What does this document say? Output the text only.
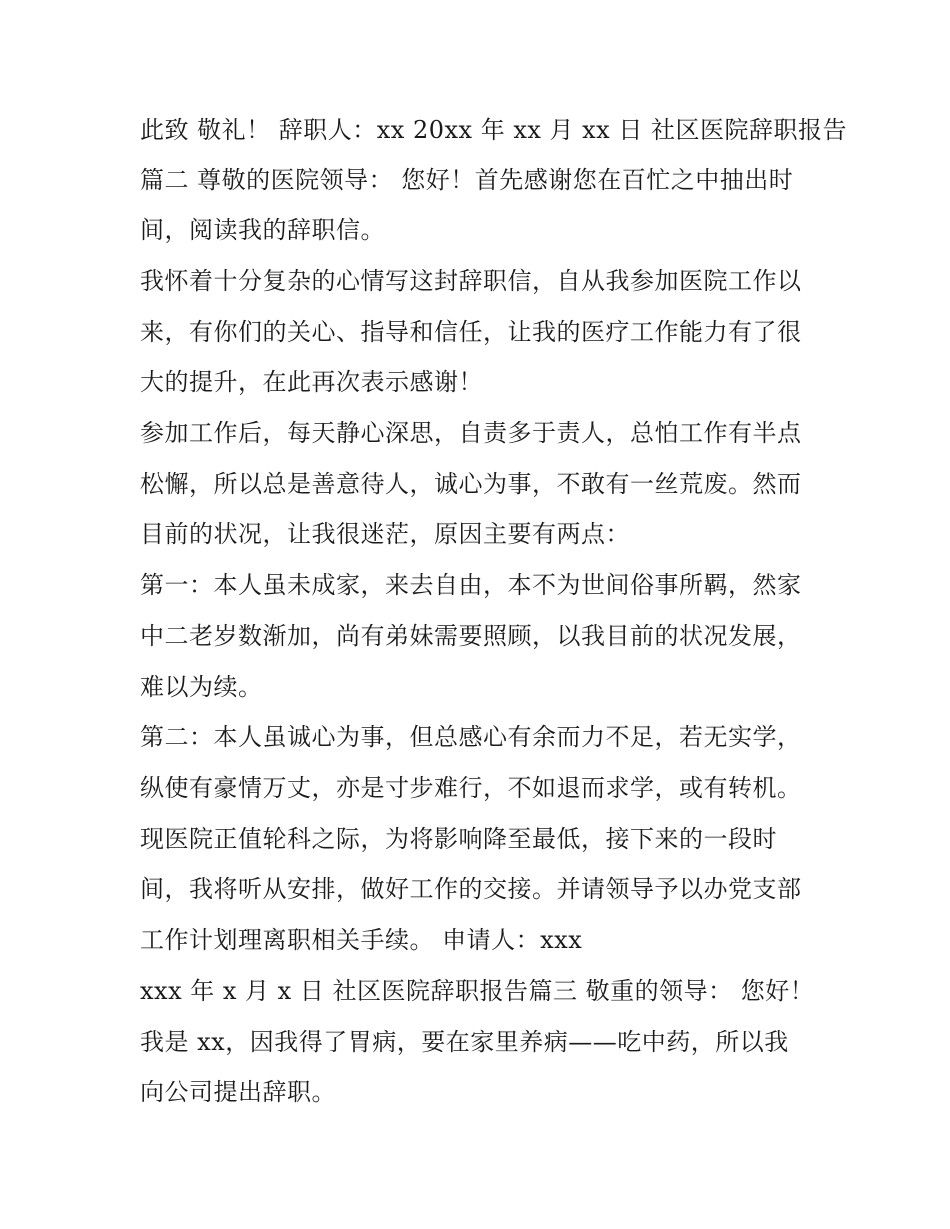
此致 敬礼！ 辞职人：xx 20xx 年 xx 月 xx 日 社区医院辞职报告
篇二 尊敬的医院领导： 您好！首先感谢您在百忙之中抽出时
间，阅读我的辞职信。
我怀着十分复杂的心情写这封辞职信，自从我参加医院工作以
来，有你们的关心、指导和信任，让我的医疗工作能力有了很
大的提升，在此再次表示感谢！
参加工作后，每天静心深思，自责多于责人，总怕工作有半点
松懈，所以总是善意待人，诚心为事，不敢有一丝荒废。然而
目前的状况，让我很迷茫，原因主要有两点：
第一：本人虽未成家，来去自由，本不为世间俗事所羁，然家
中二老岁数渐加，尚有弟妹需要照顾，以我目前的状况发展，
难以为续。
第二：本人虽诚心为事，但总感心有余而力不足，若无实学，
纵使有豪情万丈，亦是寸步难行，不如退而求学，或有转机。
现医院正值轮科之际，为将影响降至最低，接下来的一段时
间，我将听从安排，做好工作的交接。并请领导予以办党支部
工作计划理离职相关手续。 申请人：xxx
xxx 年 x 月 x 日 社区医院辞职报告篇三 敬重的领导： 您好！
我是 xx，因我得了胃病，要在家里养病——吃中药，所以我
向公司提出辞职。
